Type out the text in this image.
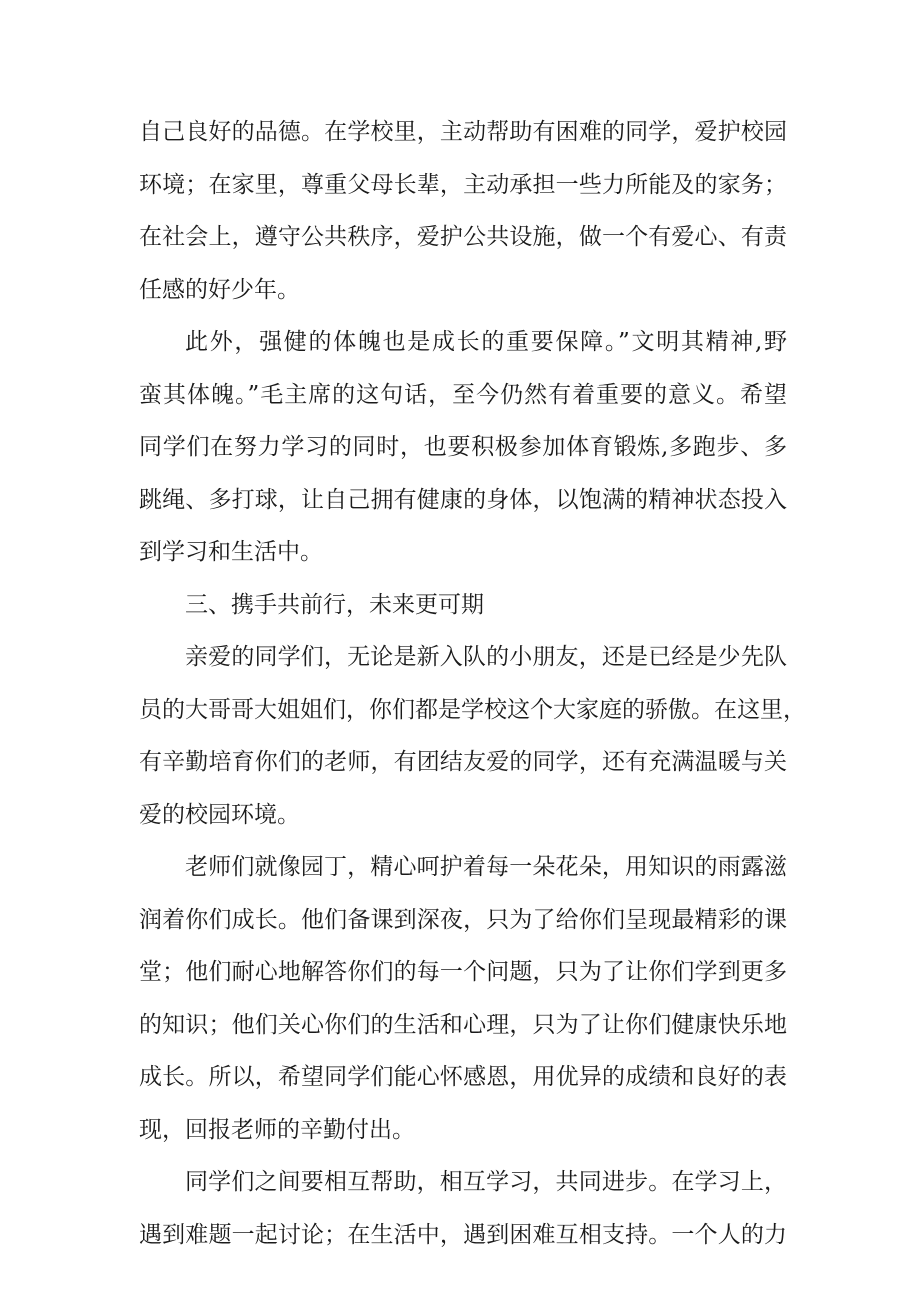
自己良好的品德。在学校里，主动帮助有困难的同学，爱护校园
环境；在家里，尊重父母长辈，主动承担一些力所能及的家务；
在社会上，遵守公共秩序，爱护公共设施，做一个有爱心、有责
任感的好少年。
此外，强健的体魄也是成长的重要保障。”文明其精神,野
蛮其体魄。”毛主席的这句话，至今仍然有着重要的意义。希望
同学们在努力学习的同时，也要积极参加体育锻炼,多跑步、多
跳绳、多打球，让自己拥有健康的身体，以饱满的精神状态投入
到学习和生活中。
三、携手共前行，未来更可期
亲爱的同学们，无论是新入队的小朋友，还是已经是少先队
员的大哥哥大姐姐们，你们都是学校这个大家庭的骄傲。在这里，
有辛勤培育你们的老师，有团结友爱的同学，还有充满温暖与关
爱的校园环境。
老师们就像园丁，精心呵护着每一朵花朵，用知识的雨露滋
润着你们成长。他们备课到深夜，只为了给你们呈现最精彩的课
堂；他们耐心地解答你们的每一个问题，只为了让你们学到更多
的知识；他们关心你们的生活和心理，只为了让你们健康快乐地
成长。所以，希望同学们能心怀感恩，用优异的成绩和良好的表
现，回报老师的辛勤付出。
同学们之间要相互帮助，相互学习，共同进步。在学习上，
遇到难题一起讨论；在生活中，遇到困难互相支持。一个人的力
